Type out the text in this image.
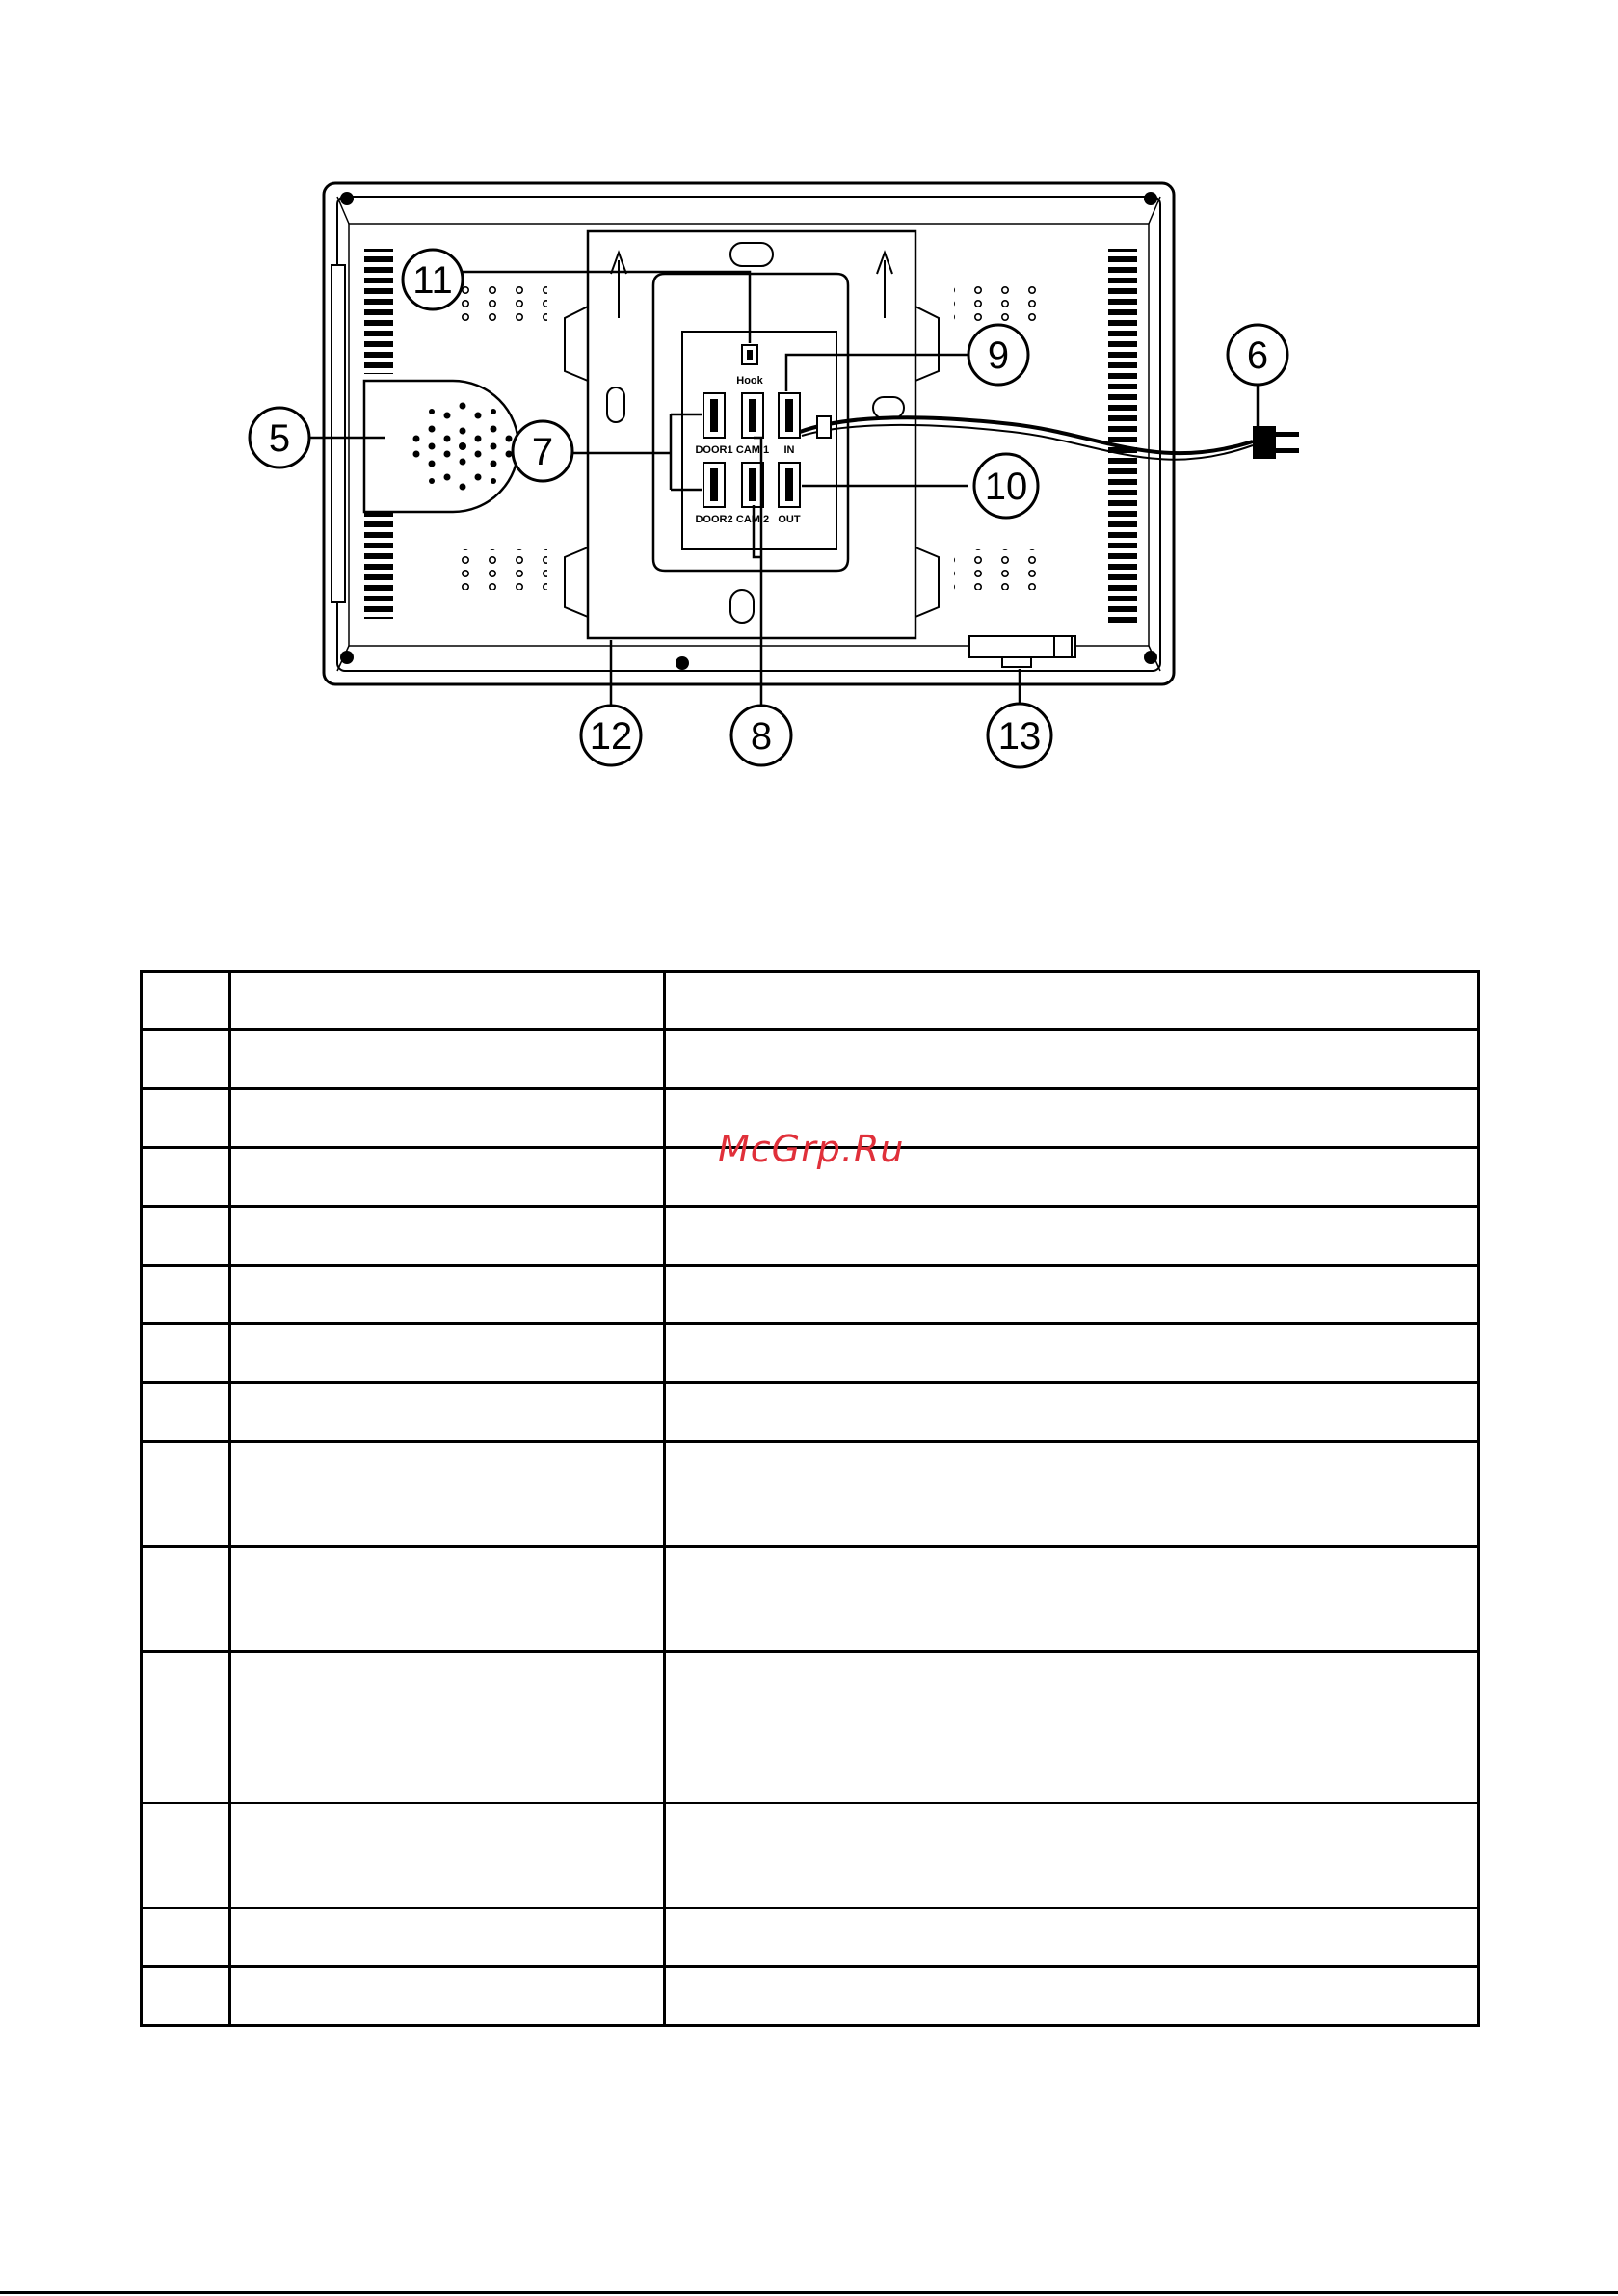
Hook
DOOR1 CAM 1 IN
DOOR2 CAM 2 OUT
5
6
7
8
9
10
11
12	13

McGrp.Ru
